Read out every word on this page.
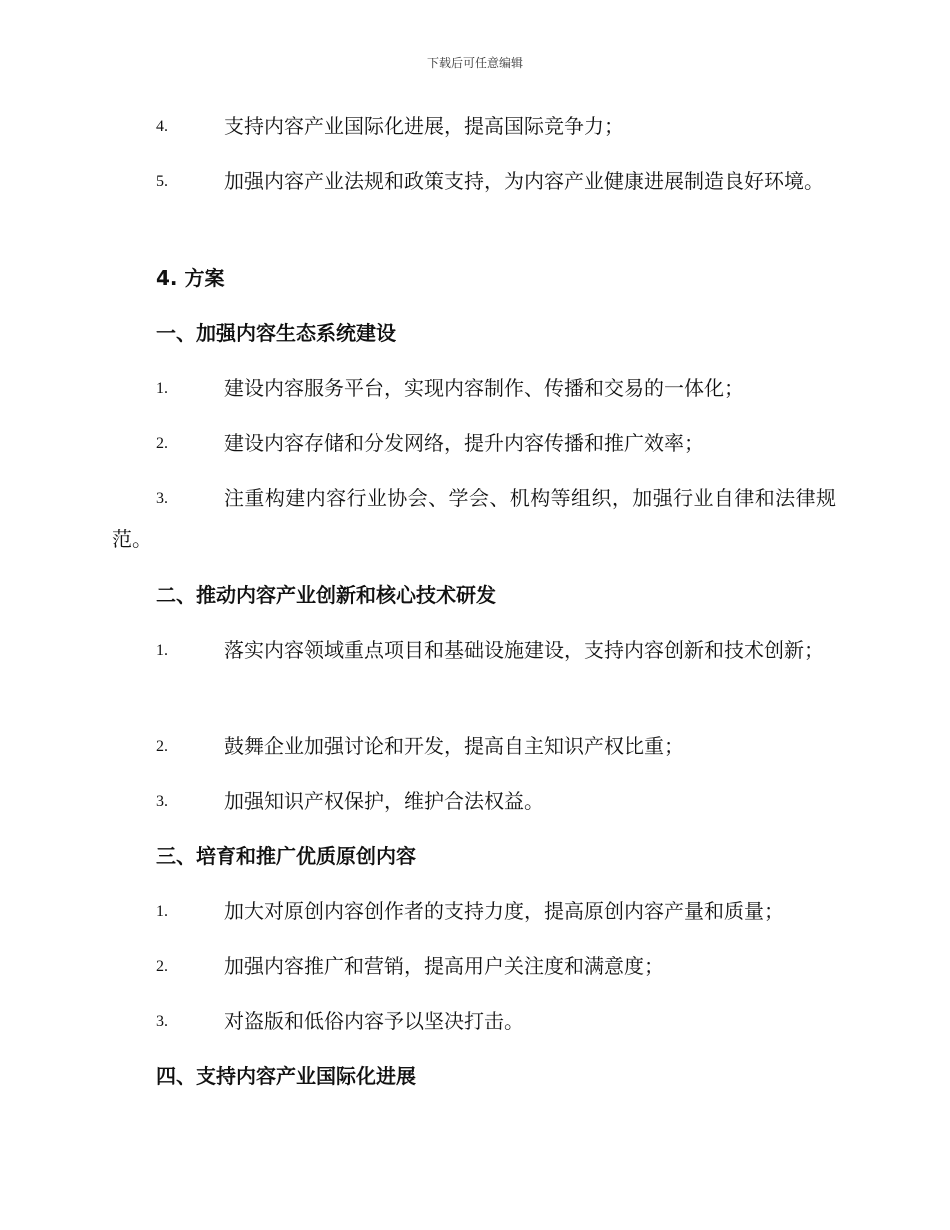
下载后可任意编辑
4.	支持内容产业国际化进展，提高国际竞争力；
5.	加强内容产业法规和政策支持，为内容产业健康进展制造良好环境。
4. 方案
一、加强内容生态系统建设
1.	建设内容服务平台，实现内容制作、传播和交易的一体化；
2.	建设内容存储和分发网络，提升内容传播和推广效率；
3.	注重构建内容行业协会、学会、机构等组织，加强行业自律和法律规范。
二、推动内容产业创新和核心技术研发
1.	落实内容领域重点项目和基础设施建设，支持内容创新和技术创新；
2.	鼓舞企业加强讨论和开发，提高自主知识产权比重；
3.	加强知识产权保护，维护合法权益。
三、培育和推广优质原创内容
1.	加大对原创内容创作者的支持力度，提高原创内容产量和质量；
2.	加强内容推广和营销，提高用户关注度和满意度；
3.	对盗版和低俗内容予以坚决打击。
四、支持内容产业国际化进展
